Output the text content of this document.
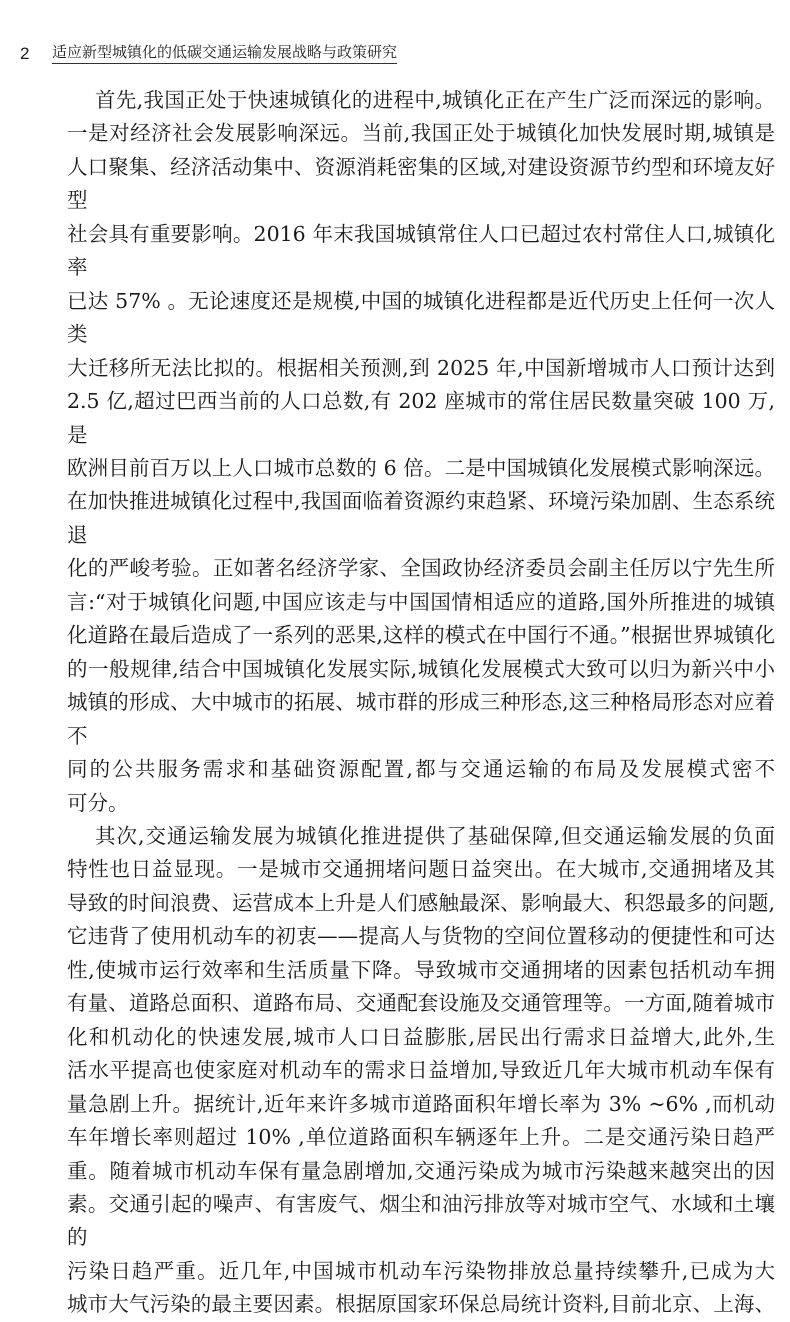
2	适应新型城镇化的低碳交通运输发展战略与政策研究
首先,我国正处于快速城镇化的进程中,城镇化正在产生广泛而深远的影响。
一是对经济社会发展影响深远。当前,我国正处于城镇化加快发展时期,城镇是
人口聚集、经济活动集中、资源消耗密集的区域,对建设资源节约型和环境友好型
社会具有重要影响。2016 年末我国城镇常住人口已超过农村常住人口,城镇化率
已达 57% 。无论速度还是规模,中国的城镇化进程都是近代历史上任何一次人类
大迁移所无法比拟的。根据相关预测,到 2025 年,中国新增城市人口预计达到
2.5 亿,超过巴西当前的人口总数,有 202 座城市的常住居民数量突破 100 万,是
欧洲目前百万以上人口城市总数的 6 倍。二是中国城镇化发展模式影响深远。
在加快推进城镇化过程中,我国面临着资源约束趋紧、环境污染加剧、生态系统退
化的严峻考验。正如著名经济学家、全国政协经济委员会副主任厉以宁先生所
言:“对于城镇化问题,中国应该走与中国国情相适应的道路,国外所推进的城镇
化道路在最后造成了一系列的恶果,这样的模式在中国行不通。”根据世界城镇化
的一般规律,结合中国城镇化发展实际,城镇化发展模式大致可以归为新兴中小
城镇的形成、大中城市的拓展、城市群的形成三种形态,这三种格局形态对应着不
同的公共服务需求和基础资源配置,都与交通运输的布局及发展模式密不
可分。
其次,交通运输发展为城镇化推进提供了基础保障,但交通运输发展的负面
特性也日益显现。一是城市交通拥堵问题日益突出。在大城市,交通拥堵及其
导致的时间浪费、运营成本上升是人们感触最深、影响最大、积怨最多的问题,
它违背了使用机动车的初衷——提高人与货物的空间位置移动的便捷性和可达
性,使城市运行效率和生活质量下降。导致城市交通拥堵的因素包括机动车拥
有量、道路总面积、道路布局、交通配套设施及交通管理等。一方面,随着城市
化和机动化的快速发展,城市人口日益膨胀,居民出行需求日益增大,此外,生
活水平提高也使家庭对机动车的需求日益增加,导致近几年大城市机动车保有
量急剧上升。据统计,近年来许多城市道路面积年增长率为 3% ~6% ,而机动
车年增长率则超过 10% ,单位道路面积车辆逐年上升。二是交通污染日趋严
重。随着城市机动车保有量急剧增加,交通污染成为城市污染越来越突出的因
素。交通引起的噪声、有害废气、烟尘和油污排放等对城市空气、水域和土壤的
污染日趋严重。近几年,中国城市机动车污染物排放总量持续攀升,已成为大
城市大气污染的最主要因素。根据原国家环保总局统计资料,目前北京、上海、
